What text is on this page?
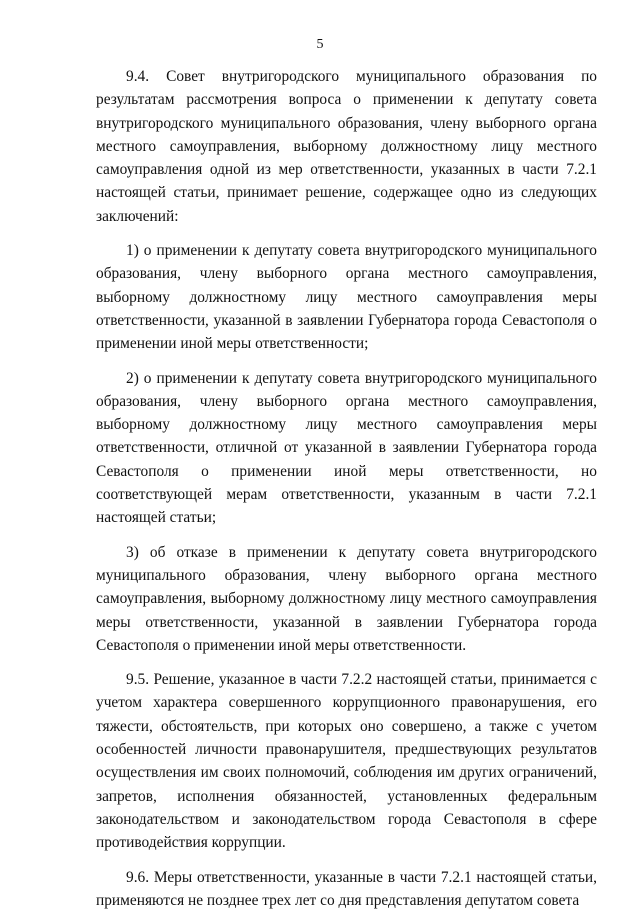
5

9.4. Совет внутригородского муниципального образования по результатам рассмотрения вопроса о применении к депутату совета внутригородского муниципального образования, члену выборного органа местного самоуправления, выборному должностному лицу местного самоуправления одной из мер ответственности, указанных в части 7.2.1 настоящей статьи, принимает решение, содержащее одно из следующих заключений:

1) о применении к депутату совета внутригородского муниципального образования, члену выборного органа местного самоуправления, выборному должностному лицу местного самоуправления меры ответственности, указанной в заявлении Губернатора города Севастополя о применении иной меры ответственности;

2) о применении к депутату совета внутригородского муниципального образования, члену выборного органа местного самоуправления, выборному должностному лицу местного самоуправления меры ответственности, отличной от указанной в заявлении Губернатора города Севастополя о применении иной меры ответственности, но соответствующей мерам ответственности, указанным в части 7.2.1 настоящей статьи;

3) об отказе в применении к депутату совета внутригородского муниципального образования, члену выборного органа местного самоуправления, выборному должностному лицу местного самоуправления меры ответственности, указанной в заявлении Губернатора города Севастополя о применении иной меры ответственности.

9.5. Решение, указанное в части 7.2.2 настоящей статьи, принимается с учетом характера совершенного коррупционного правонарушения, его тяжести, обстоятельств, при которых оно совершено, а также с учетом особенностей личности правонарушителя, предшествующих результатов осуществления им своих полномочий, соблюдения им других ограничений, запретов, исполнения обязанностей, установленных федеральным законодательством и законодательством города Севастополя в сфере противодействия коррупции.

9.6. Меры ответственности, указанные в части 7.2.1 настоящей статьи, применяются не позднее трех лет со дня представления депутатом совета
